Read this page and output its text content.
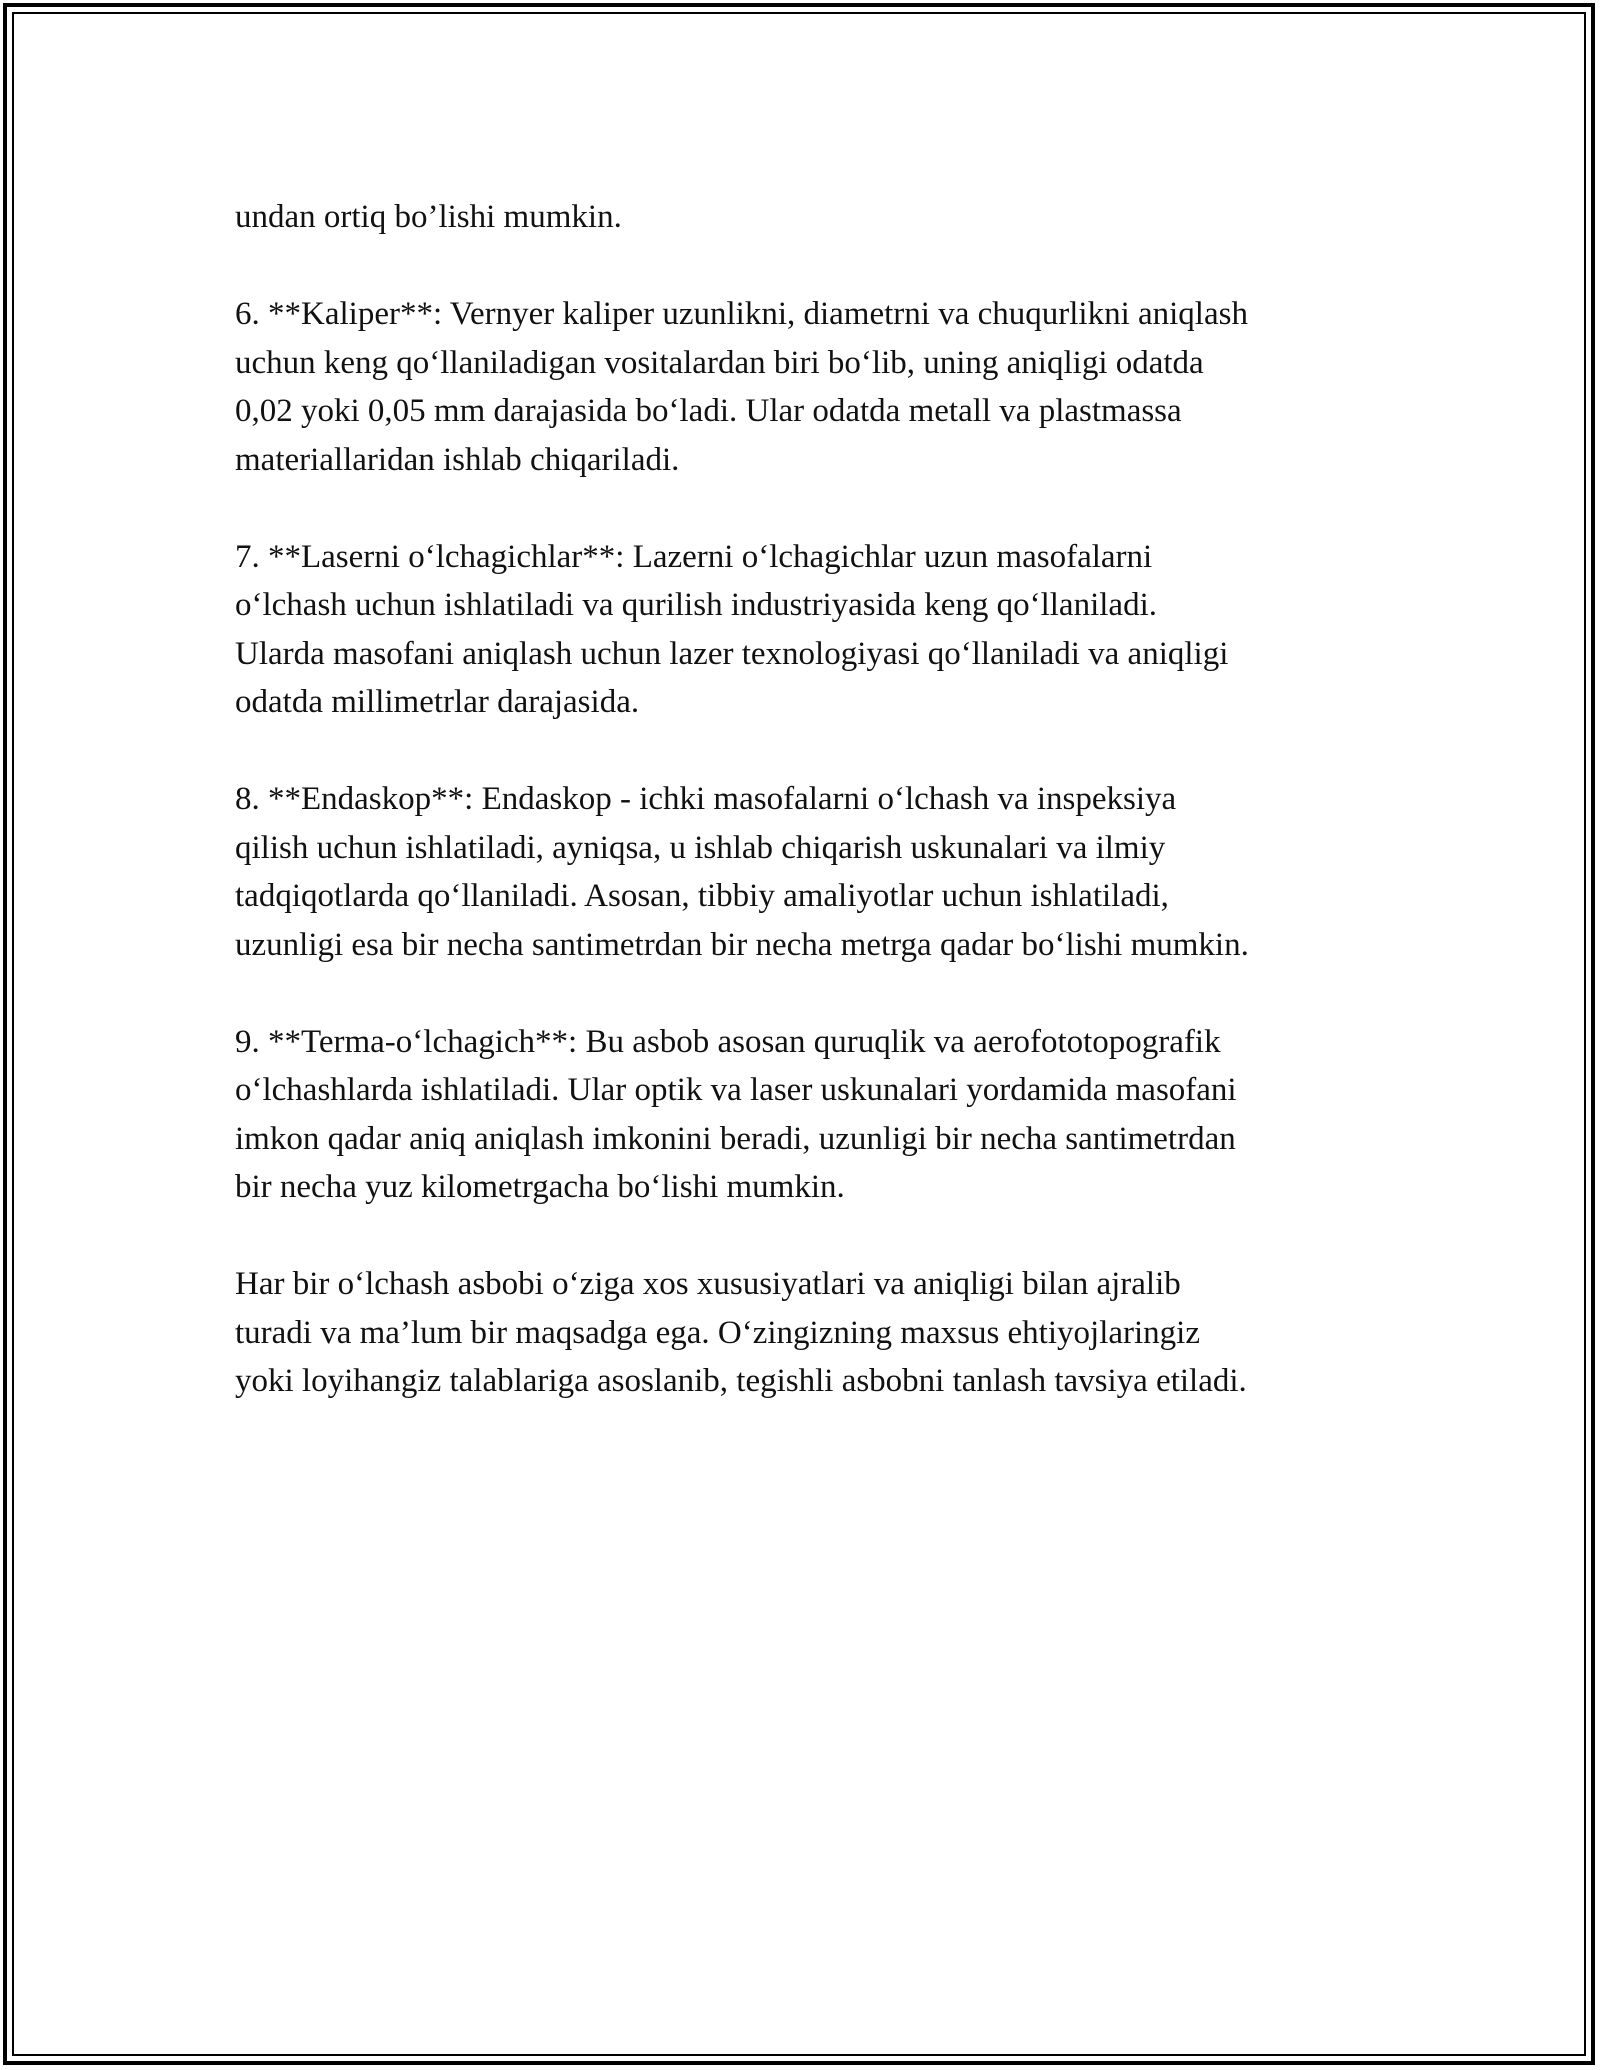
undan ortiq bo’lishi mumkin.
6. **Kaliper**: Vernyer kaliper uzunlikni, diametrni va chuqurlikni aniqlash
uchun keng qo‘llaniladigan vositalardan biri bo‘lib, uning aniqligi odatda
0,02 yoki 0,05 mm darajasida bo‘ladi. Ular odatda metall va plastmassa
materiallaridan ishlab chiqariladi.
7. **Laserni o‘lchagichlar**: Lazerni o‘lchagichlar uzun masofalarni
o‘lchash uchun ishlatiladi va qurilish industriyasida keng qo‘llaniladi.
Ularda masofani aniqlash uchun lazer texnologiyasi qo‘llaniladi va aniqligi
odatda millimetrlar darajasida.
8. **Endaskop**: Endaskop - ichki masofalarni o‘lchash va inspeksiya
qilish uchun ishlatiladi, ayniqsa, u ishlab chiqarish uskunalari va ilmiy
tadqiqotlarda qo‘llaniladi. Asosan, tibbiy amaliyotlar uchun ishlatiladi,
uzunligi esa bir necha santimetrdan bir necha metrga qadar bo‘lishi mumkin.
9. **Terma-o‘lchagich**: Bu asbob asosan quruqlik va aerofototopografik
o‘lchashlarda ishlatiladi. Ular optik va laser uskunalari yordamida masofani
imkon qadar aniq aniqlash imkonini beradi, uzunligi bir necha santimetrdan
bir necha yuz kilometrgacha bo‘lishi mumkin.
Har bir o‘lchash asbobi o‘ziga xos xususiyatlari va aniqligi bilan ajralib
turadi va ma’lum bir maqsadga ega. O‘zingizning maxsus ehtiyojlaringiz
yoki loyihangiz talablariga asoslanib, tegishli asbobni tanlash tavsiya etiladi.
